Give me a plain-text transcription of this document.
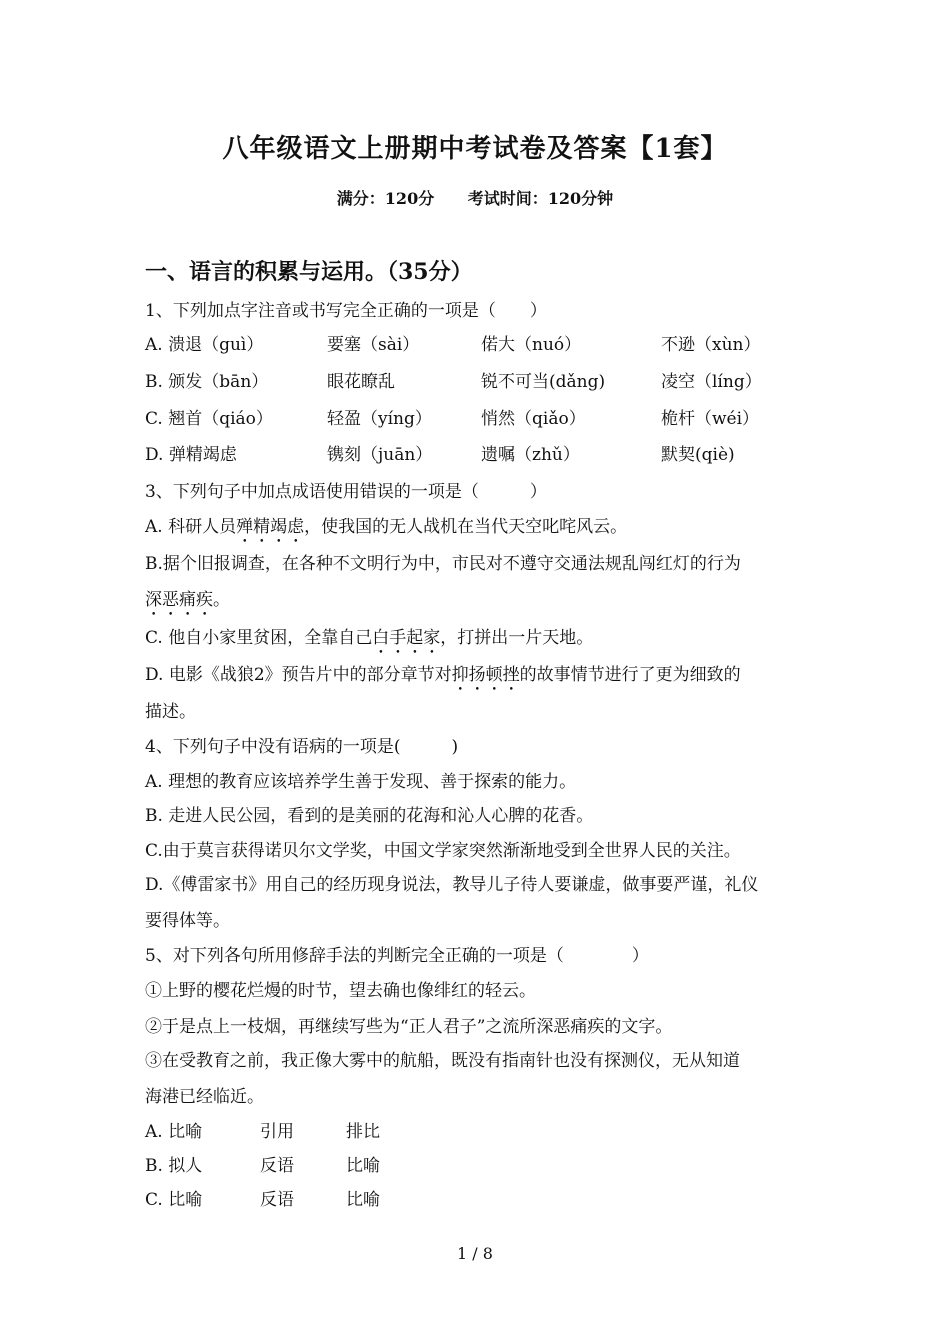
八年级语文上册期中考试卷及答案【1套】
满分：120分 考试时间：120分钟
一、语言的积累与运用。（35分）
1、下列加点字注音或书写完全正确的一项是（　　）
A. 溃退（guì）	要塞（sài）	偌大（nuó）	不逊（xùn）
B. 颁发（bān）	眼花瞭乱	锐不可当(dǎng)	凌空（líng）
C. 翘首（qiáo）	轻盈（yíng）	悄然（qiǎo）	桅杆（wéi）
D. 弹精竭虑	镌刻（juān）	遗嘱（zhǔ）	默契(qiè)
3、下列句子中加点成语使用错误的一项是（　　　）
A. 科研人员殚精竭虑，使我国的无人战机在当代天空叱咤风云。
B.据个旧报调查，在各种不文明行为中，市民对不遵守交通法规乱闯红灯的行为
深恶痛疾。
C. 他自小家里贫困，全靠自己白手起家，打拼出一片天地。
D. 电影《战狼2》预告片中的部分章节对抑扬顿挫的故事情节进行了更为细致的
描述。
4、下列句子中没有语病的一项是(　　　)
A. 理想的教育应该培养学生善于发现、善于探索的能力。
B. 走进人民公园，看到的是美丽的花海和沁人心脾的花香。
C.由于莫言获得诺贝尔文学奖，中国文学家突然渐渐地受到全世界人民的关注。
D.《傅雷家书》用自己的经历现身说法，教导儿子待人要谦虚，做事要严谨，礼仪
要得体等。
5、对下列各句所用修辞手法的判断完全正确的一项是（　　　　）
①上野的樱花烂熳的时节，望去确也像绯红的轻云。
②于是点上一枝烟，再继续写些为“正人君子”之流所深恶痛疾的文字。
③在受教育之前，我正像大雾中的航船，既没有指南针也没有探测仪，无从知道
海港已经临近。
A. 比喻	引用	排比
B. 拟人	反语	比喻
C. 比喻	反语	比喻
1 / 8
